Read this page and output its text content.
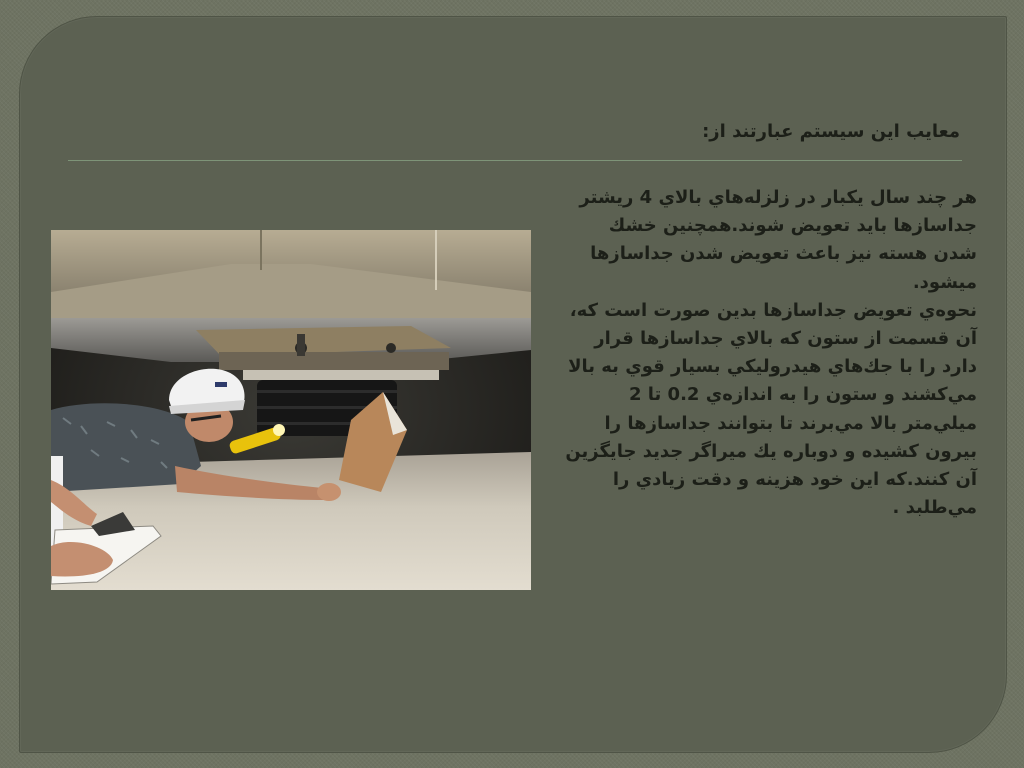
معایب این سیستم عبارتند از:

هر چند سال يكبار در زلزله‌هاي بالاي 4 ريشتر جداسازها بايد تعويض شوند.همچنين خشك شدن هسته نيز باعث تعويض شدن جداسازها ميشود.

نحوه‌ي تعويض جداسازها بدين صورت است كه، آن قسمت از ستون كه بالاي جداسازها قرار دارد را با جك‌هاي هيدروليكي بسيار قوي به بالا مي‌كشند و ستون را به اندازه‌ي 0.2 تا 2 ميلي‌متر بالا مي‌برند تا بتوانند جداسازها را بيرون كشيده و دوباره يك ميراگر جديد جايگزين آن كنند.كه اين خود هزينه و دقت زيادي را مي‌طلبد .
